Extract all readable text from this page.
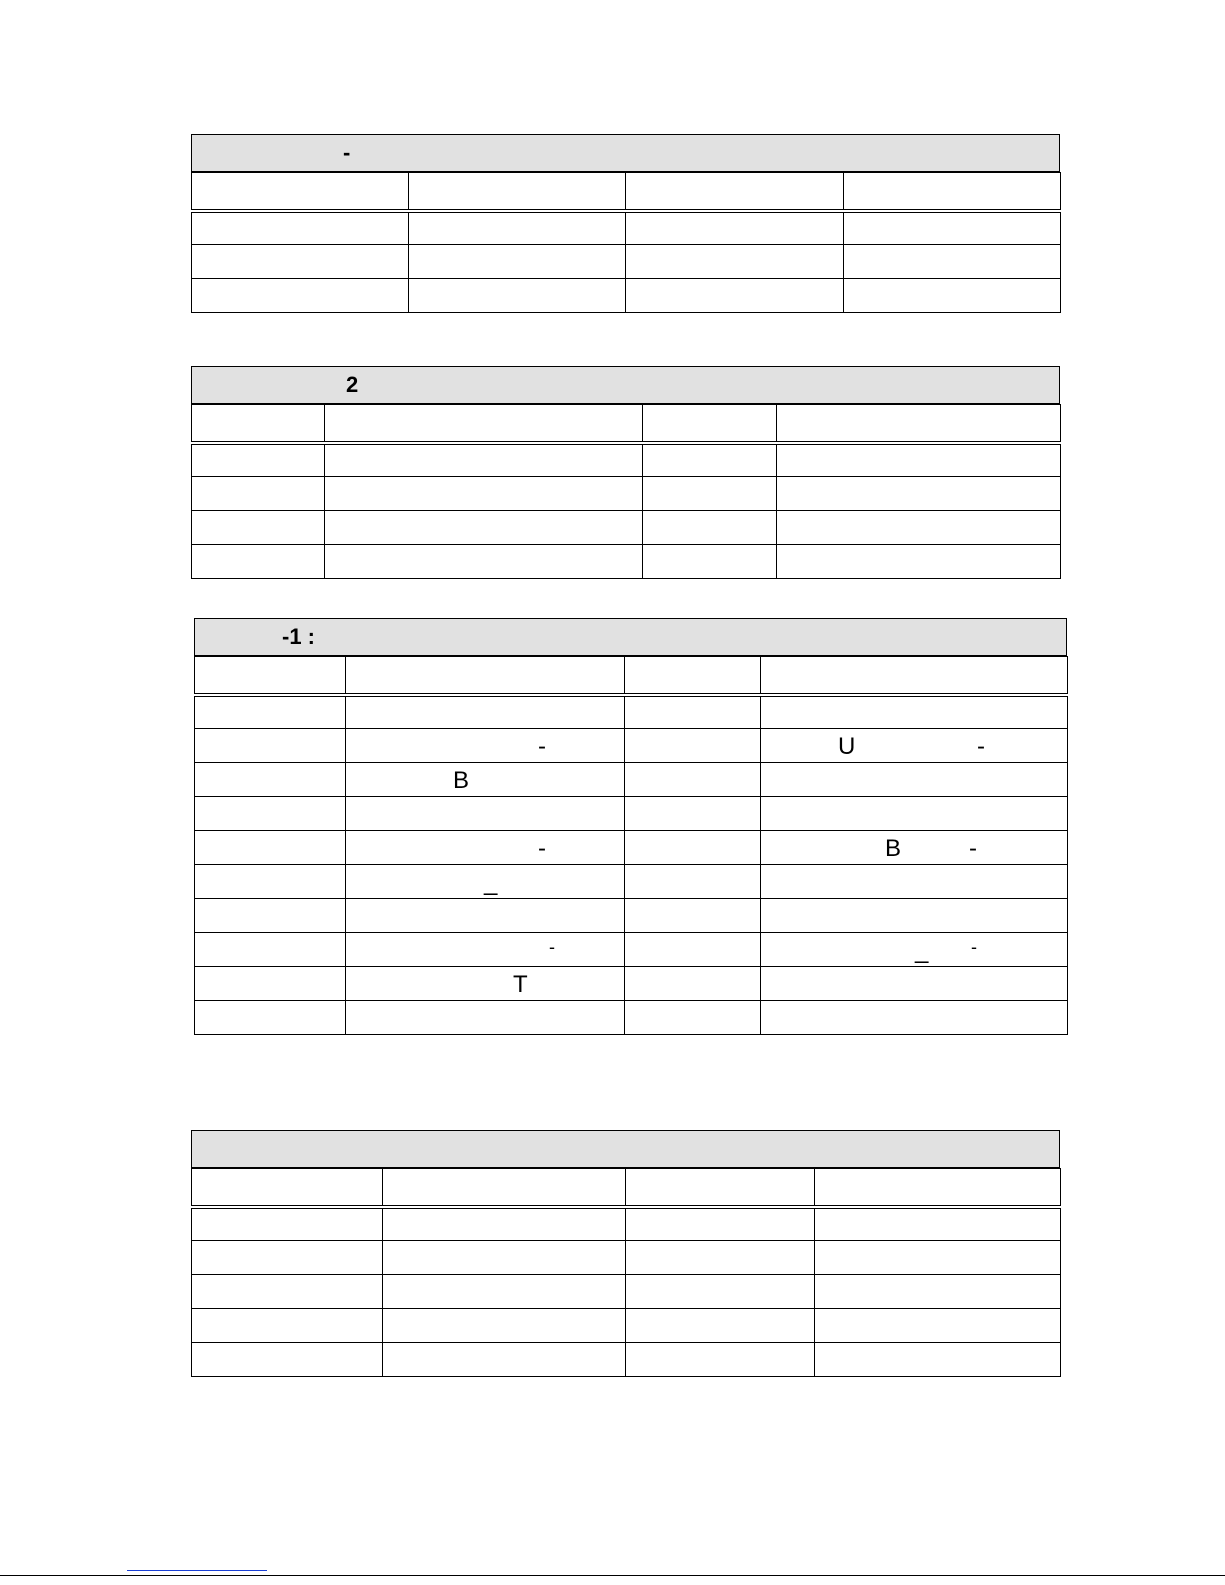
-

2

-1 :

	-		U -

	B		

	-		B -

	_		

	-		_ -

	T		
